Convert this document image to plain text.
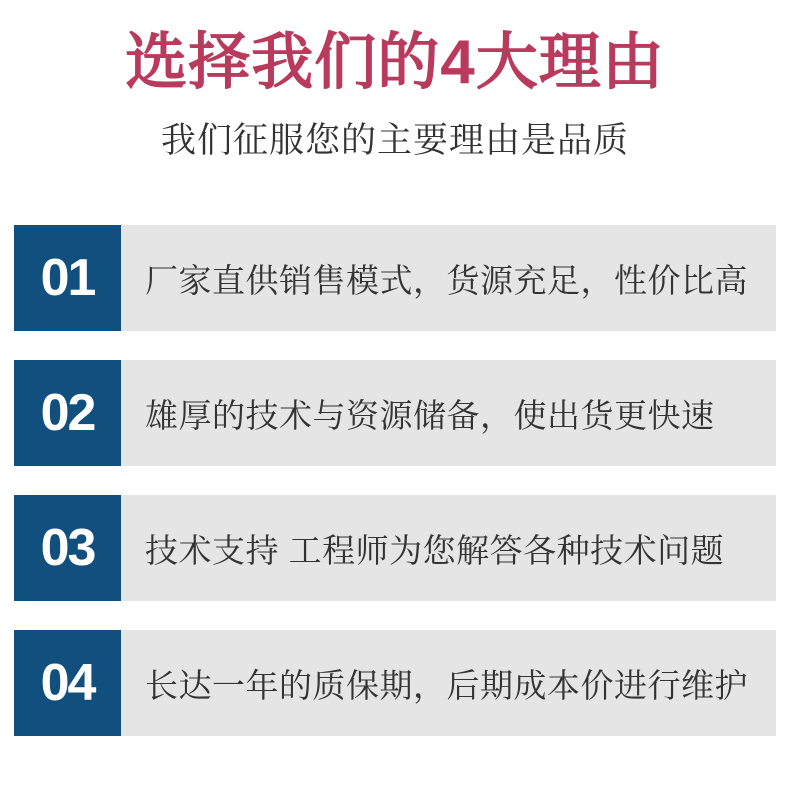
选择我们的4大理由
我们征服您的主要理由是品质
01	厂家直供销售模式，货源充足，性价比高
02	雄厚的技术与资源储备，使出货更快速
03	技术支持 工程师为您解答各种技术问题
04	长达一年的质保期，后期成本价进行维护
